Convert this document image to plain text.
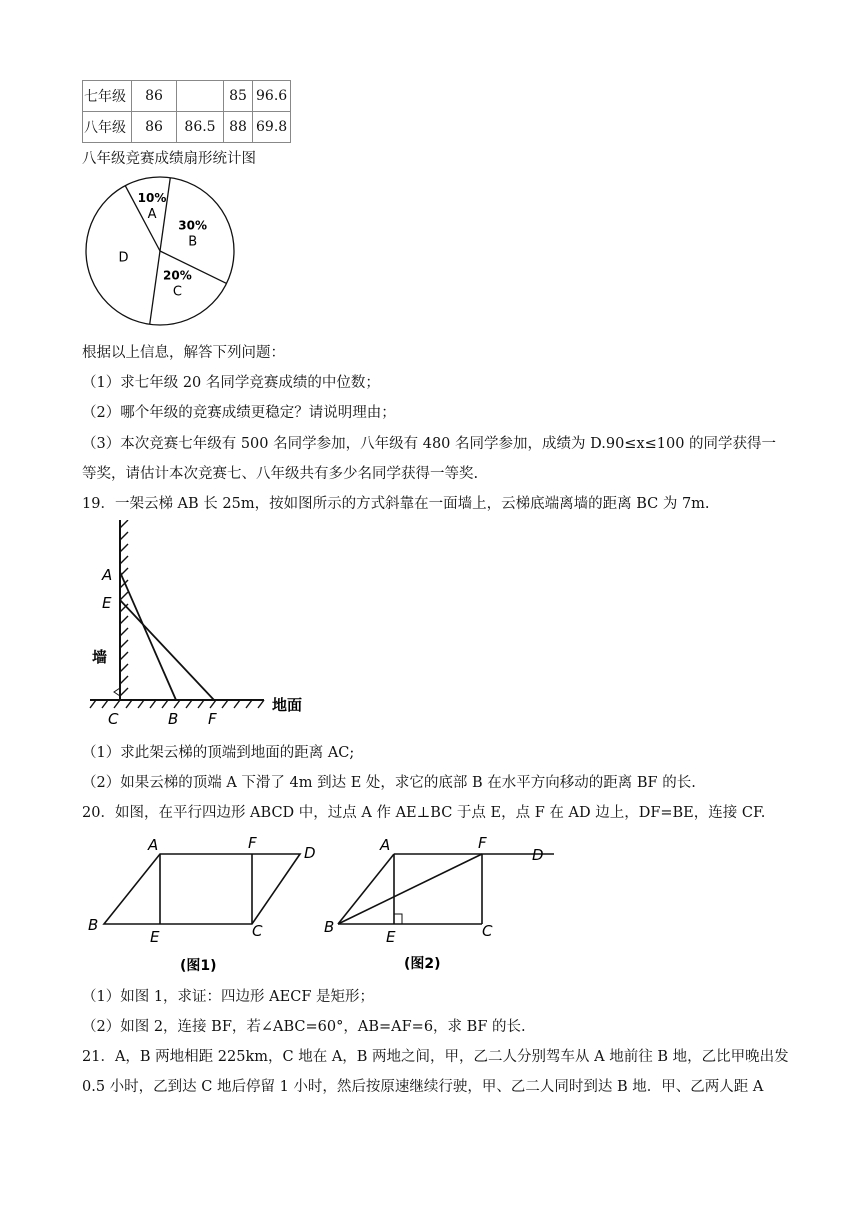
七年级	86		85	96.6
八年级	86	86.5	88	69.8
八年级竞赛成绩扇形统计图
10%
A
30%
B
20%
C
D
根据以上信息，解答下列问题：
（1）求七年级 20 名同学竞赛成绩的中位数；
（2）哪个年级的竞赛成绩更稳定？请说明理由；
（3）本次竞赛七年级有 500 名同学参加，八年级有 480 名同学参加，成绩为 D.90≤x≤100 的同学获得一
等奖，请估计本次竞赛七、八年级共有多少名同学获得一等奖.
19．一架云梯 AB 长 25m，按如图所示的方式斜靠在一面墙上，云梯底端离墙的距离 BC 为 7m.
A
E
墙
C	B F
地面
（1）求此架云梯的顶端到地面的距离 AC;
（2）如果云梯的顶端 A 下滑了 4m 到达 E 处，求它的底部 B 在水平方向移动的距离 BF 的长.
20．如图，在平行四边形 ABCD 中，过点 A 作 AE⊥BC 于点 E，点 F 在 AD 边上，DF=BE，连接 CF.
A	F
D
B
E	C
(图1)
A	F
D
B
E	C
(图2)
（1）如图 1，求证：四边形 AECF 是矩形；
（2）如图 2，连接 BF，若∠ABC=60°，AB=AF=6，求 BF 的长.
21．A，B 两地相距 225km，C 地在 A，B 两地之间，甲，乙二人分别驾车从 A 地前往 B 地，乙比甲晚出发
0.5 小时，乙到达 C 地后停留 1 小时，然后按原速继续行驶，甲、乙二人同时到达 B 地．甲、乙两人距 A
